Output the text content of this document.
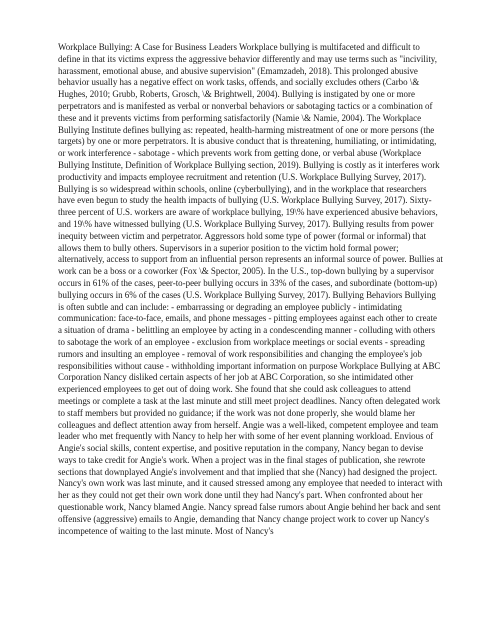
Workplace Bullying: A Case for Business Leaders Workplace bullying is multifaceted and difficult to define in that its victims express the aggressive behavior differently and may use terms such as "incivility, harassment, emotional abuse, and abusive supervision" (Emamzadeh, 2018). This prolonged abusive behavior usually has a negative effect on work tasks, offends, and socially excludes others (Carbo \& Hughes, 2010; Grubb, Roberts, Grosch, \& Brightwell, 2004). Bullying is instigated by one or more perpetrators and is manifested as verbal or nonverbal behaviors or sabotaging tactics or a combination of these and it prevents victims from performing satisfactorily (Namie \& Namie, 2004). The Workplace Bullying Institute defines bullying as: repeated, health-harming mistreatment of one or more persons (the targets) by one or more perpetrators. It is abusive conduct that is threatening, humiliating, or intimidating, or work interference - sabotage - which prevents work from getting done, or verbal abuse (Workplace Bullying Institute, Definition of Workplace Bullying section, 2019). Bullying is costly as it interferes work productivity and impacts employee recruitment and retention (U.S. Workplace Bullying Survey, 2017). Bullying is so widespread within schools, online (cyberbullying), and in the workplace that researchers have even begun to study the health impacts of bullying (U.S. Workplace Bullying Survey, 2017). Sixty-three percent of U.S. workers are aware of workplace bullying, 19\% have experienced abusive behaviors, and 19\% have witnessed bullying (U.S. Workplace Bullying Survey, 2017). Bullying results from power inequity between victim and perpetrator. Aggressors hold some type of power (formal or informal) that allows them to bully others. Supervisors in a superior position to the victim hold formal power; alternatively, access to support from an influential person represents an informal source of power. Bullies at work can be a boss or a coworker (Fox \& Spector, 2005). In the U.S., top-down bullying by a supervisor occurs in 61% of the cases, peer-to-peer bullying occurs in 33% of the cases, and subordinate (bottom-up) bullying occurs in 6% of the cases (U.S. Workplace Bullying Survey, 2017). Bullying Behaviors Bullying is often subtle and can include: - embarrassing or degrading an employee publicly - intimidating communication: face-to-face, emails, and phone messages - pitting employees against each other to create a situation of drama - belittling an employee by acting in a condescending manner - colluding with others to sabotage the work of an employee - exclusion from workplace meetings or social events - spreading rumors and insulting an employee - removal of work responsibilities and changing the employee's job responsibilities without cause - withholding important information on purpose Workplace Bullying at ABC Corporation Nancy disliked certain aspects of her job at ABC Corporation, so she intimidated other experienced employees to get out of doing work. She found that she could ask colleagues to attend meetings or complete a task at the last minute and still meet project deadlines. Nancy often delegated work to staff members but provided no guidance; if the work was not done properly, she would blame her colleagues and deflect attention away from herself. Angie was a well-liked, competent employee and team leader who met frequently with Nancy to help her with some of her event planning workload. Envious of Angie's social skills, content expertise, and positive reputation in the company, Nancy began to devise ways to take credit for Angie's work. When a project was in the final stages of publication, she rewrote sections that downplayed Angie's involvement and that implied that she (Nancy) had designed the project. Nancy's own work was last minute, and it caused stressed among any employee that needed to interact with her as they could not get their own work done until they had Nancy's part. When confronted about her questionable work, Nancy blamed Angie. Nancy spread false rumors about Angie behind her back and sent offensive (aggressive) emails to Angie, demanding that Nancy change project work to cover up Nancy's incompetence of waiting to the last minute. Most of Nancy's
